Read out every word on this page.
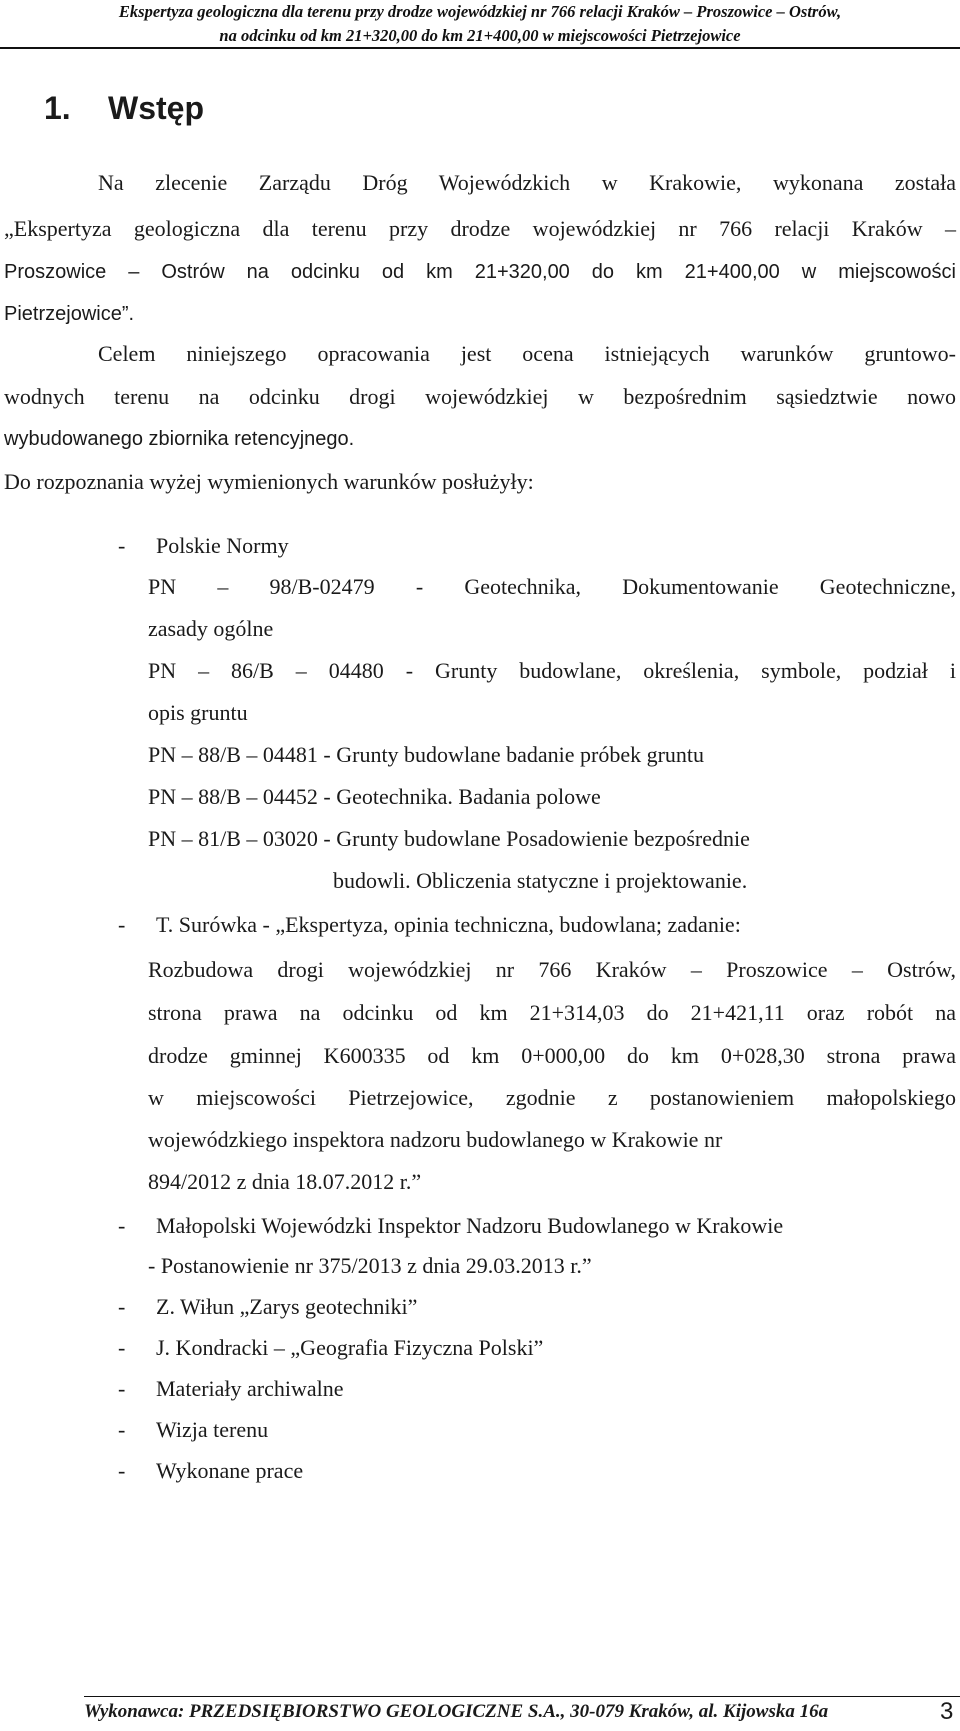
Ekspertyza geologiczna dla terenu przy drodze wojewódzkiej nr 766 relacji Kraków – Proszowice – Ostrów,
na odcinku od km 21+320,00 do km 21+400,00 w miejscowości Pietrzejowice
1. Wstęp
Na zlecenie Zarządu Dróg Wojewódzkich w Krakowie, wykonana została
„Ekspertyza geologiczna dla terenu przy drodze wojewódzkiej nr 766 relacji Kraków –
Proszowice – Ostrów na odcinku od km 21+320,00 do km 21+400,00 w miejscowości
Pietrzejowice”.
Celem niniejszego opracowania jest ocena istniejących warunków gruntowo-
wodnych terenu na odcinku drogi wojewódzkiej w bezpośrednim sąsiedztwie nowo
wybudowanego zbiornika retencyjnego.
Do rozpoznania wyżej wymienionych warunków posłużyły:
- Polskie Normy
PN – 98/B-02479 - Geotechnika, Dokumentowanie Geotechniczne,
zasady ogólne
PN – 86/B – 04480 - Grunty budowlane, określenia, symbole, podział i
opis gruntu
PN – 88/B – 04481 - Grunty budowlane badanie próbek gruntu
PN – 88/B – 04452 - Geotechnika. Badania polowe
PN – 81/B – 03020 - Grunty budowlane Posadowienie bezpośrednie
budowli. Obliczenia statyczne i projektowanie.
- T. Surówka - „Ekspertyza, opinia techniczna, budowlana; zadanie:
Rozbudowa drogi wojewódzkiej nr 766 Kraków – Proszowice – Ostrów,
strona prawa na odcinku od km 21+314,03 do 21+421,11 oraz robót na
drodze gminnej K600335 od km 0+000,00 do km 0+028,30 strona prawa
w miejscowości Pietrzejowice, zgodnie z postanowieniem małopolskiego
wojewódzkiego inspektora nadzoru budowlanego w Krakowie nr
894/2012 z dnia 18.07.2012 r.”
- Małopolski Wojewódzki Inspektor Nadzoru Budowlanego w Krakowie
- Postanowienie nr 375/2013 z dnia 29.03.2013 r.”
- Z. Wiłun „Zarys geotechniki”
- J. Kondracki – „Geografia Fizyczna Polski”
- Materiały archiwalne
- Wizja terenu
- Wykonane prace
Wykonawca: PRZEDSIĘBIORSTWO GEOLOGICZNE S.A., 30-079 Kraków, al. Kijowska 16a	3
